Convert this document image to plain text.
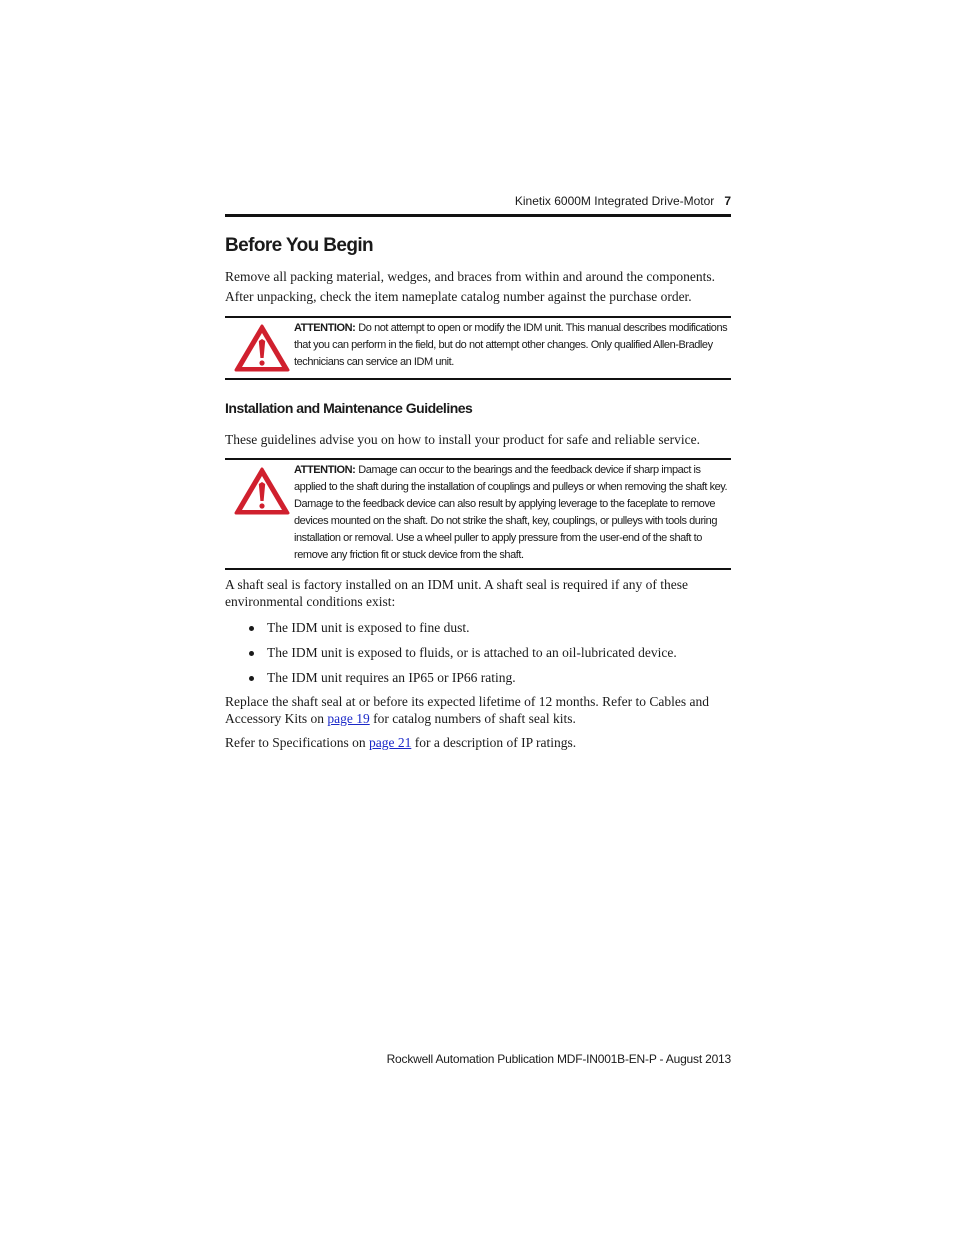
Kinetix 6000M Integrated Drive-Motor 7
Before You Begin

Remove all packing material, wedges, and braces from within and around the components. After unpacking, check the item nameplate catalog number against the purchase order.

ATTENTION: Do not attempt to open or modify the IDM unit. This manual describes modifications that you can perform in the field, but do not attempt other changes. Only qualified Allen-Bradley technicians can service an IDM unit.
Installation and Maintenance Guidelines

These guidelines advise you on how to install your product for safe and reliable service.

ATTENTION: Damage can occur to the bearings and the feedback device if sharp impact is applied to the shaft during the installation of couplings and pulleys or when removing the shaft key. Damage to the feedback device can also result by applying leverage to the faceplate to remove devices mounted on the shaft. Do not strike the shaft, key, couplings, or pulleys with tools during installation or removal. Use a wheel puller to apply pressure from the user-end of the shaft to remove any friction fit or stuck device from the shaft.

A shaft seal is factory installed on an IDM unit. A shaft seal is required if any of these environmental conditions exist:

The IDM unit is exposed to fine dust.
The IDM unit is exposed to fluids, or is attached to an oil-lubricated device.
The IDM unit requires an IP65 or IP66 rating.

Replace the shaft seal at or before its expected lifetime of 12 months. Refer to Cables and Accessory Kits on page 19 for catalog numbers of shaft seal kits.

Refer to Specifications on page 21 for a description of IP ratings.

Rockwell Automation Publication MDF-IN001B-EN-P - August 2013
